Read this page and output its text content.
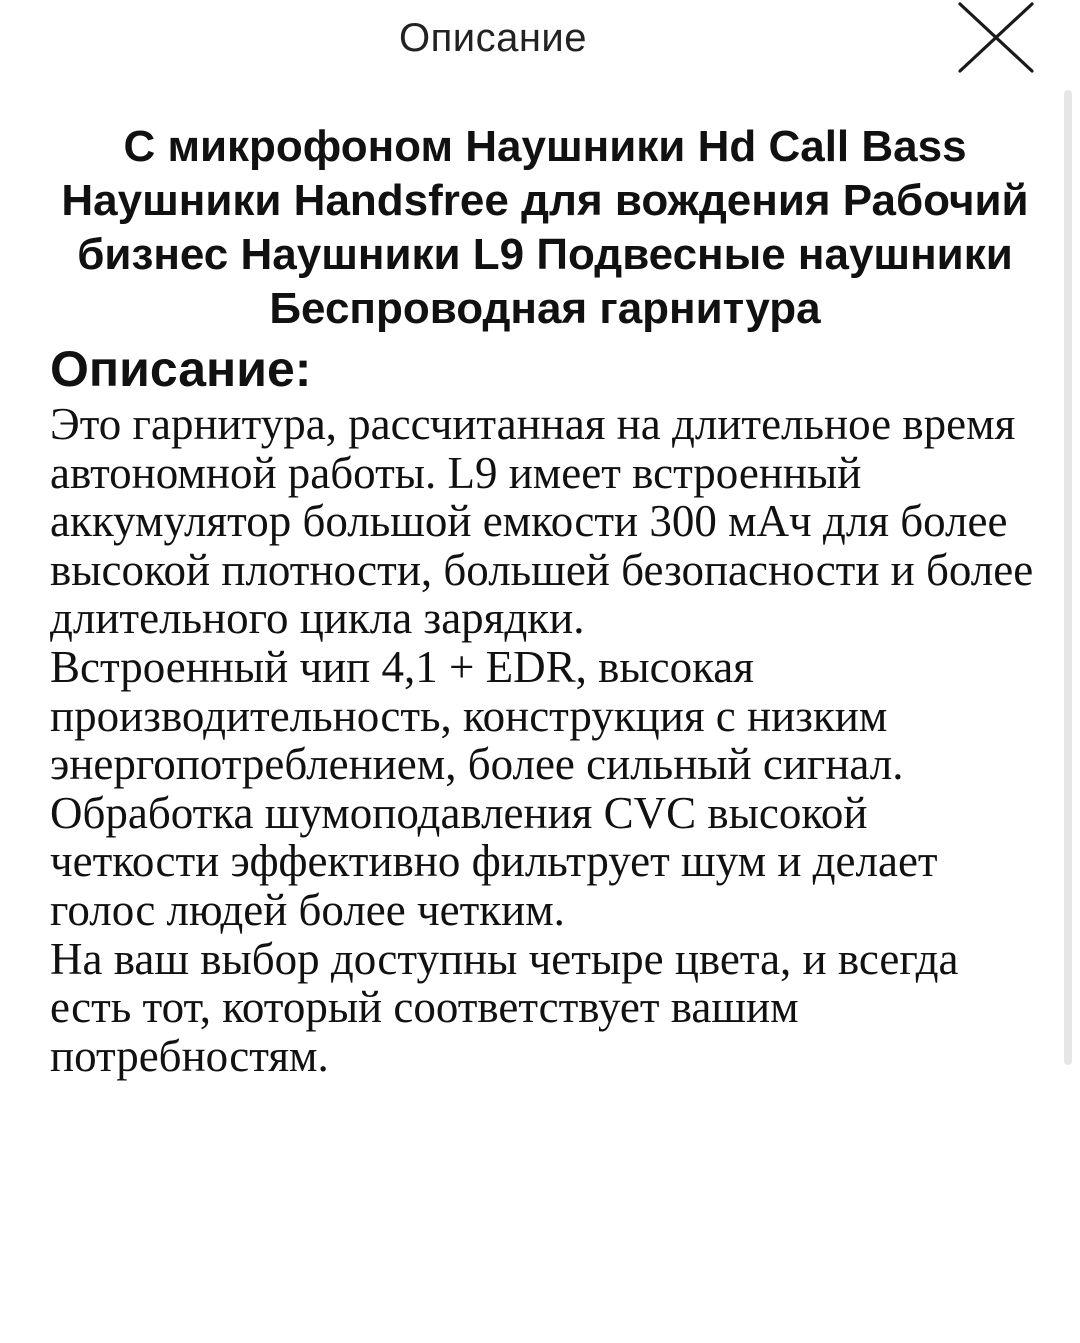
Описание
С микрофоном Наушники Hd Call Bass Наушники Handsfree для вождения Рабочий бизнес Наушники L9 Подвесные наушники Беспроводная гарнитура
Описание:
Это гарнитура, рассчитанная на длительное время автономной работы. L9 имеет встроенный аккумулятор большой емкости 300 мАч для более высокой плотности, большей безопасности и более длительного цикла зарядки.
Встроенный чип 4,1 + EDR, высокая производительность, конструкция с низким энергопотреблением, более сильный сигнал.
Обработка шумоподавления CVC высокой четкости эффективно фильтрует шум и делает голос людей более четким.
На ваш выбор доступны четыре цвета, и всегда есть тот, который соответствует вашим потребностям.
